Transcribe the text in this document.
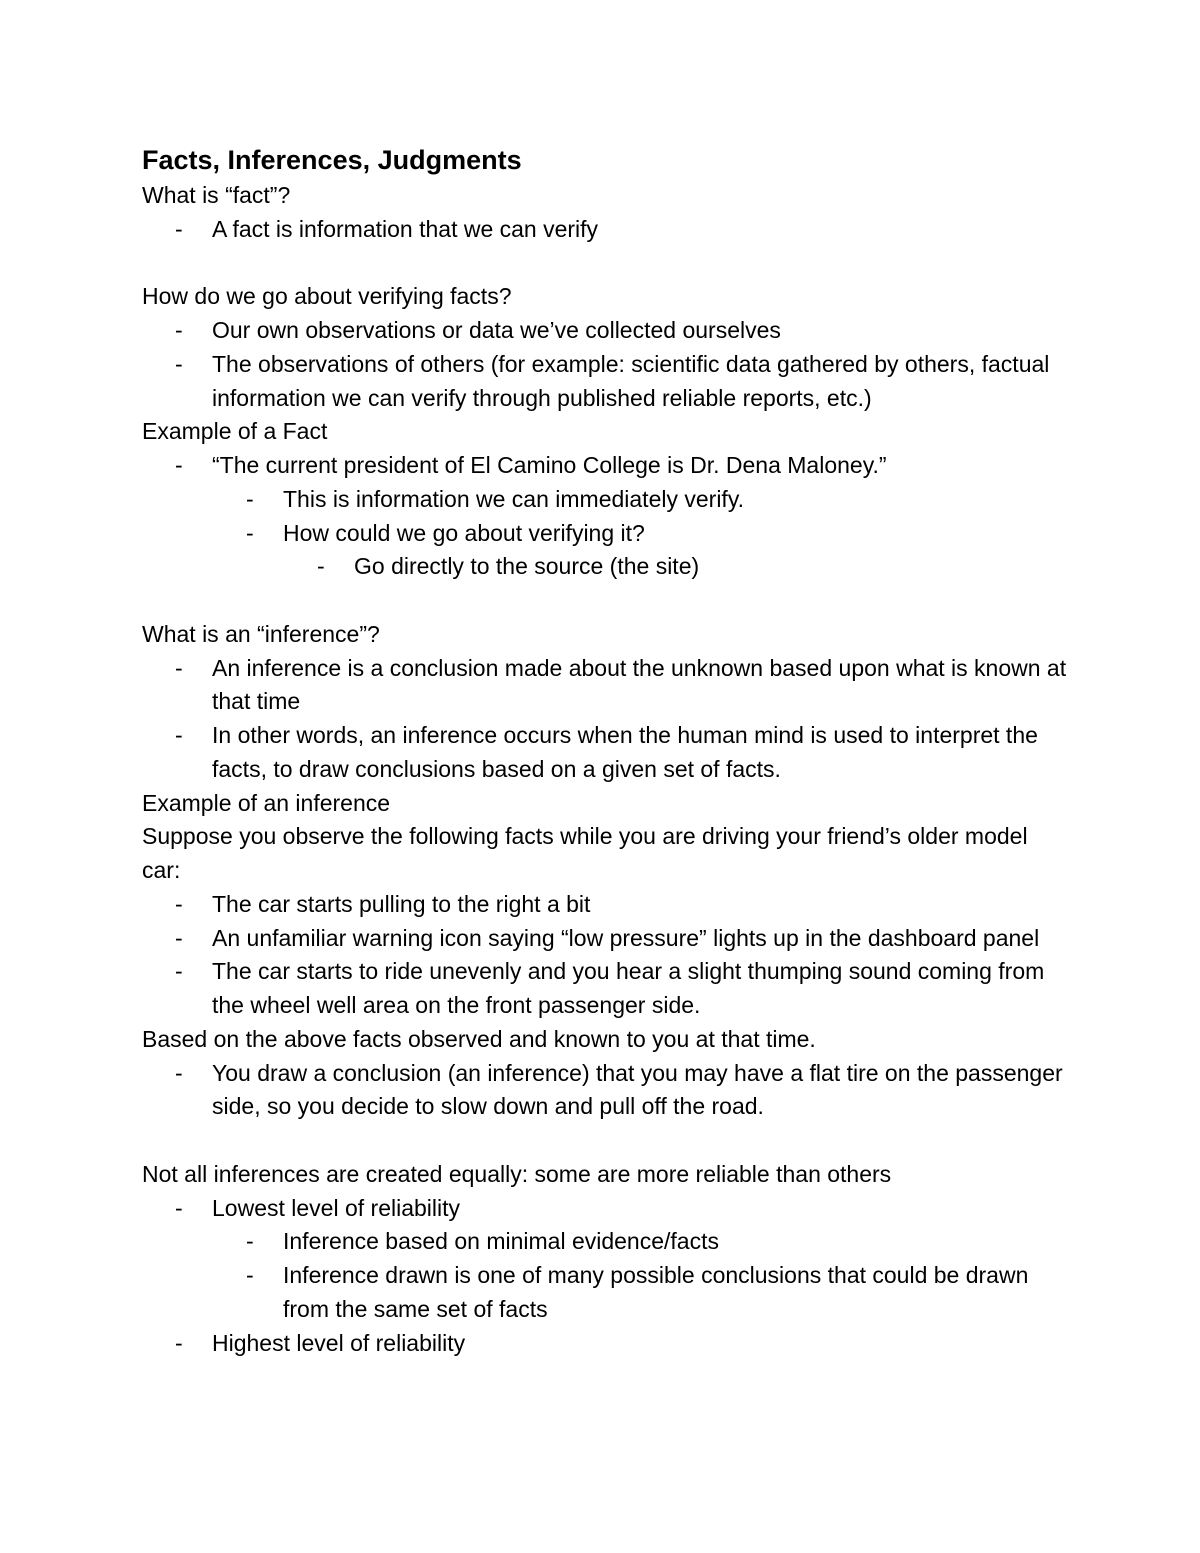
Facts, Inferences, Judgments
What is “fact”?
- A fact is information that we can verify
How do we go about verifying facts?
- Our own observations or data we’ve collected ourselves
- The observations of others (for example: scientific data gathered by others, factual information we can verify through published reliable reports, etc.)
Example of a Fact
- “The current president of El Camino College is Dr. Dena Maloney.”
- This is information we can immediately verify.
- How could we go about verifying it?
- Go directly to the source (the site)
What is an “inference”?
- An inference is a conclusion made about the unknown based upon what is known at that time
- In other words, an inference occurs when the human mind is used to interpret the facts, to draw conclusions based on a given set of facts.
Example of an inference
Suppose you observe the following facts while you are driving your friend’s older model car:
- The car starts pulling to the right a bit
- An unfamiliar warning icon saying “low pressure” lights up in the dashboard panel
- The car starts to ride unevenly and you hear a slight thumping sound coming from the wheel well area on the front passenger side.
Based on the above facts observed and known to you at that time.
- You draw a conclusion (an inference) that you may have a flat tire on the passenger side, so you decide to slow down and pull off the road.
Not all inferences are created equally: some are more reliable than others
- Lowest level of reliability
- Inference based on minimal evidence/facts
- Inference drawn is one of many possible conclusions that could be drawn from the same set of facts
- Highest level of reliability
